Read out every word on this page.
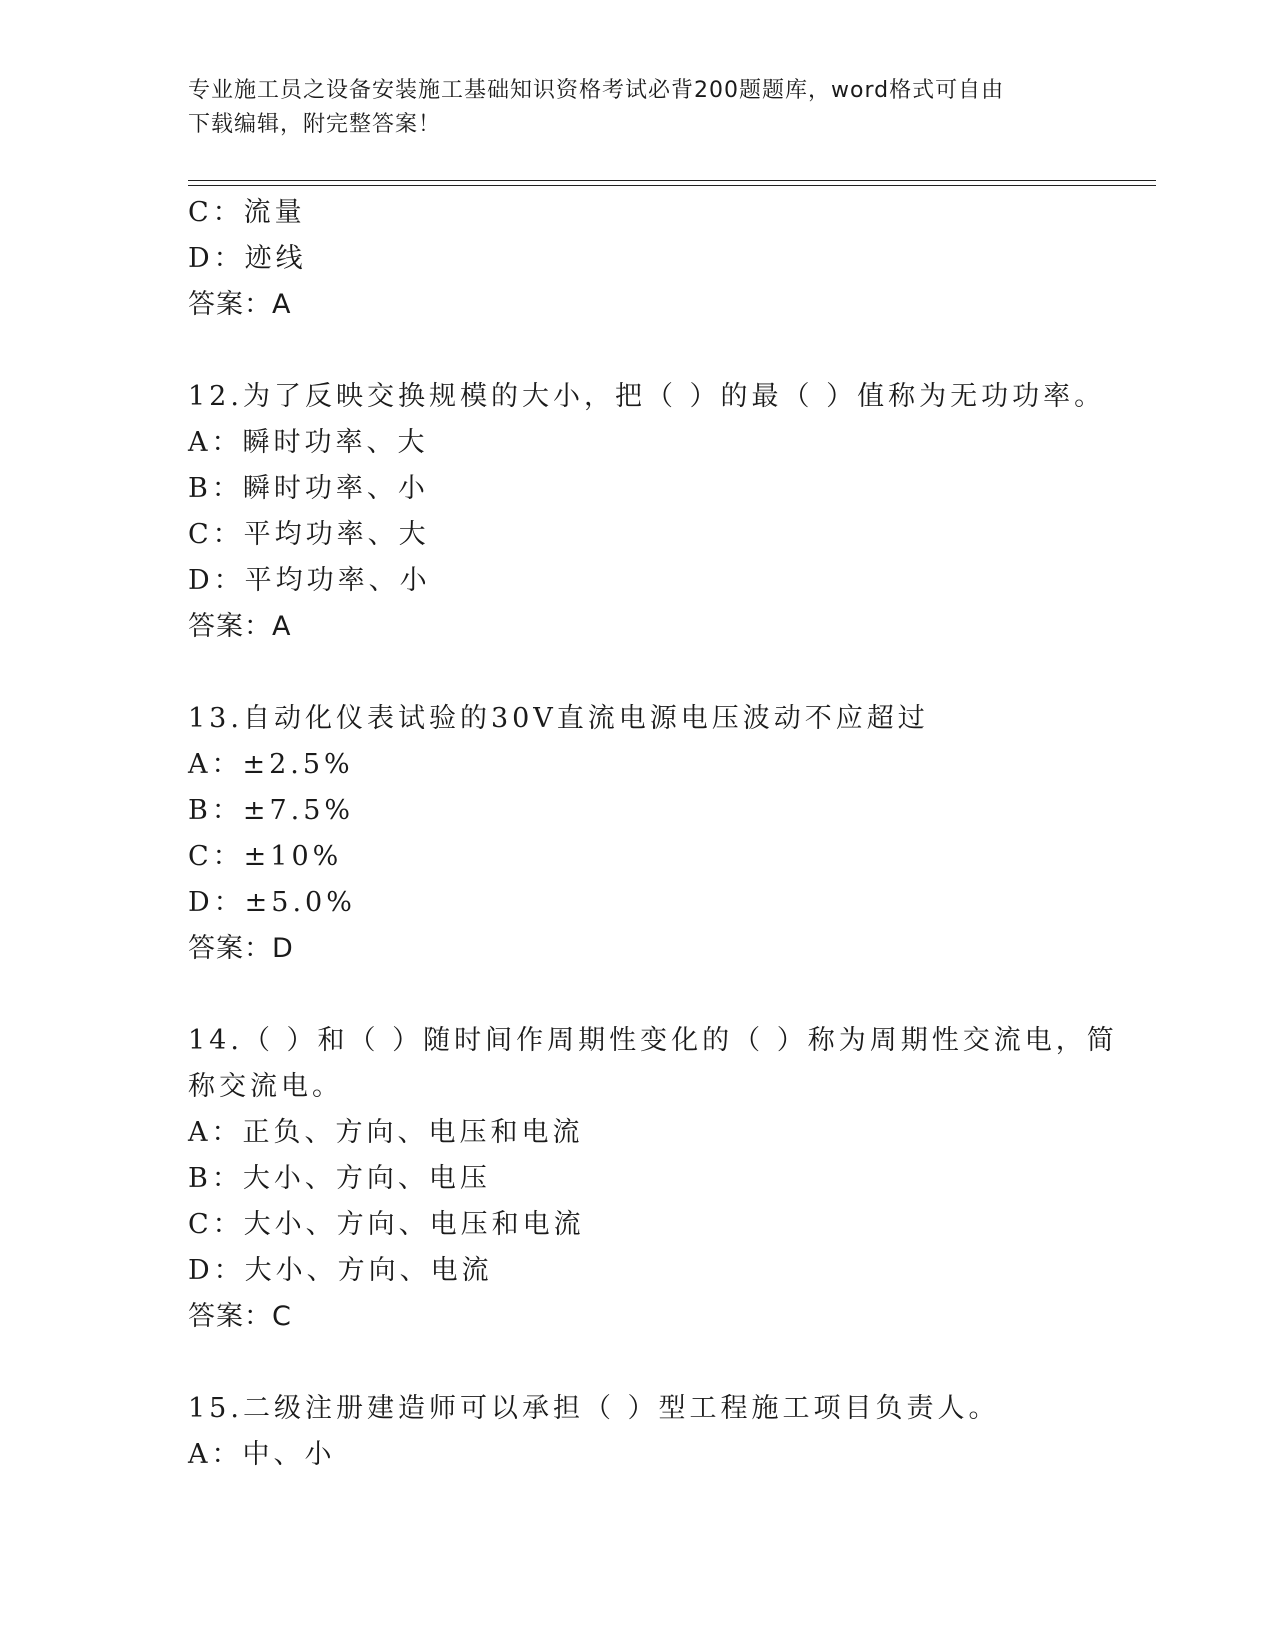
专业施工员之设备安装施工基础知识资格考试必背200题题库，word格式可自由
下载编辑，附完整答案！
C：流量
D：迹线
答案：A
12.为了反映交换规模的大小，把（ ）的最（ ）值称为无功功率。
A：瞬时功率、大
B：瞬时功率、小
C：平均功率、大
D：平均功率、小
答案：A
13.自动化仪表试验的30V直流电源电压波动不应超过
A：±2.5%
B：±7.5%
C：±10%
D：±5.0%
答案：D
14.（ ）和（ ）随时间作周期性变化的（ ）称为周期性交流电，简
称交流电。
A：正负、方向、电压和电流
B：大小、方向、电压
C：大小、方向、电压和电流
D：大小、方向、电流
答案：C
15.二级注册建造师可以承担（ ）型工程施工项目负责人。
A：中、小
